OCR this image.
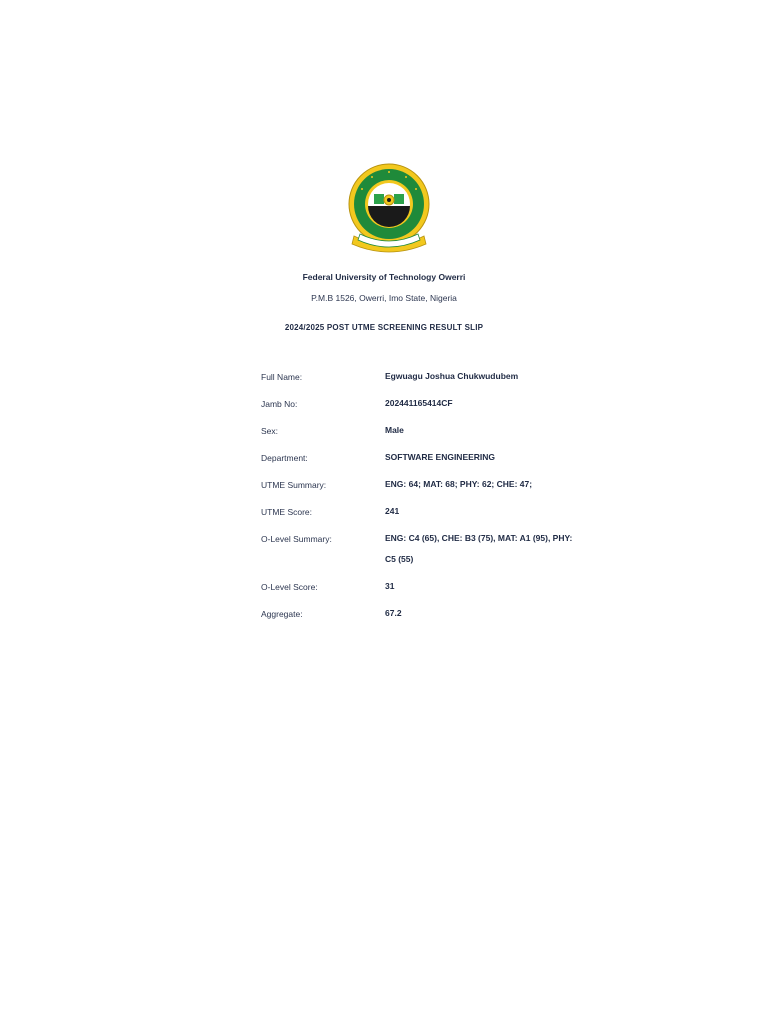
Federal University of Technology Owerri
P.M.B 1526, Owerri, Imo State, Nigeria
2024/2025 POST UTME SCREENING RESULT SLIP
Full Name:	Egwuagu Joshua Chukwudubem
Jamb No:	202441165414CF
Sex:	Male
Department:	SOFTWARE ENGINEERING
UTME Summary:	ENG: 64; MAT: 68; PHY: 62; CHE: 47;
UTME Score:	241
O-Level Summary:	ENG: C4 (65), CHE: B3 (75), MAT: A1 (95), PHY: C5 (55)
O-Level Score:	31
Aggregate:	67.2
